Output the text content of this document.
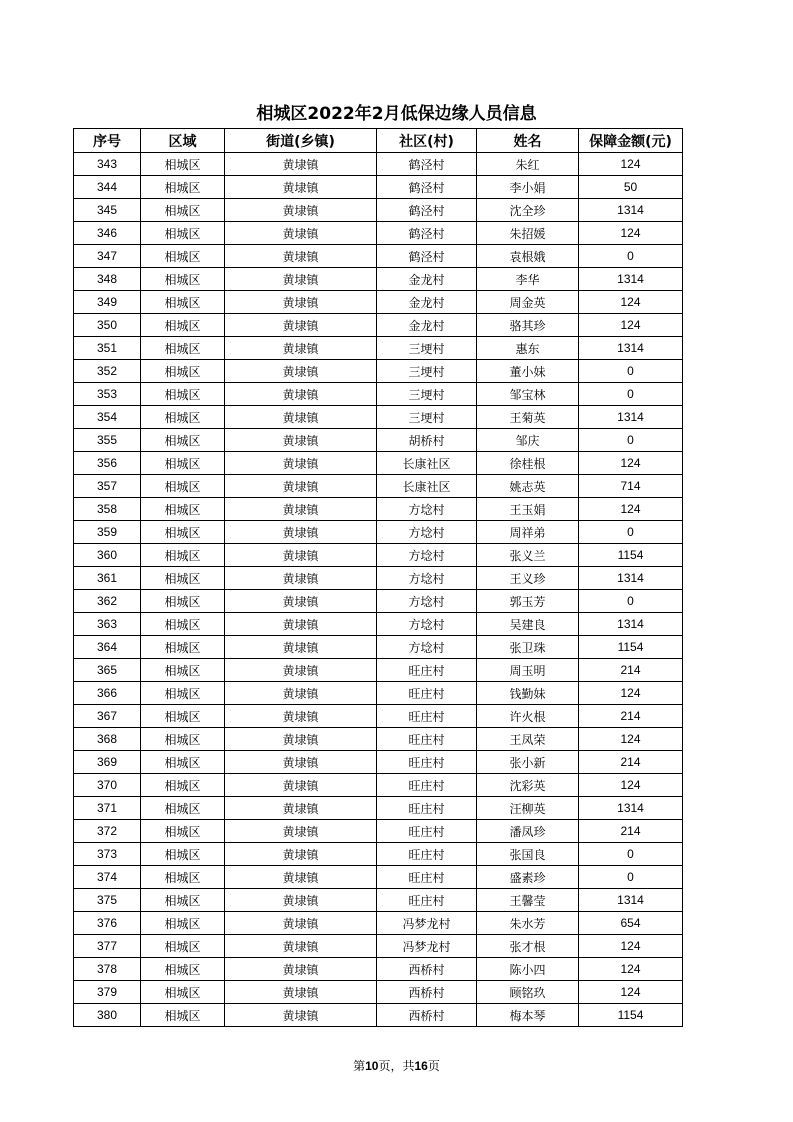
相城区2022年2月低保边缘人员信息
序号	区域	街道(乡镇)	社区(村)	姓名	保障金额(元)
343	相城区	黄埭镇	鹤泾村	朱红	124
344	相城区	黄埭镇	鹤泾村	李小娟	50
345	相城区	黄埭镇	鹤泾村	沈全珍	1314
346	相城区	黄埭镇	鹤泾村	朱招媛	124
347	相城区	黄埭镇	鹤泾村	袁根娥	0
348	相城区	黄埭镇	金龙村	李华	1314
349	相城区	黄埭镇	金龙村	周金英	124
350	相城区	黄埭镇	金龙村	骆其珍	124
351	相城区	黄埭镇	三埂村	惠东	1314
352	相城区	黄埭镇	三埂村	董小妹	0
353	相城区	黄埭镇	三埂村	邹宝林	0
354	相城区	黄埭镇	三埂村	王菊英	1314
355	相城区	黄埭镇	胡桥村	邹庆	0
356	相城区	黄埭镇	长康社区	徐桂根	124
357	相城区	黄埭镇	长康社区	姚志英	714
358	相城区	黄埭镇	方埝村	王玉娟	124
359	相城区	黄埭镇	方埝村	周祥弟	0
360	相城区	黄埭镇	方埝村	张义兰	1154
361	相城区	黄埭镇	方埝村	王义珍	1314
362	相城区	黄埭镇	方埝村	郭玉芳	0
363	相城区	黄埭镇	方埝村	吴建良	1314
364	相城区	黄埭镇	方埝村	张卫珠	1154
365	相城区	黄埭镇	旺庄村	周玉明	214
366	相城区	黄埭镇	旺庄村	钱勤妹	124
367	相城区	黄埭镇	旺庄村	许火根	214
368	相城区	黄埭镇	旺庄村	王凤荣	124
369	相城区	黄埭镇	旺庄村	张小新	214
370	相城区	黄埭镇	旺庄村	沈彩英	124
371	相城区	黄埭镇	旺庄村	汪柳英	1314
372	相城区	黄埭镇	旺庄村	潘凤珍	214
373	相城区	黄埭镇	旺庄村	张国良	0
374	相城区	黄埭镇	旺庄村	盛素珍	0
375	相城区	黄埭镇	旺庄村	王馨莹	1314
376	相城区	黄埭镇	冯梦龙村	朱水芳	654
377	相城区	黄埭镇	冯梦龙村	张才根	124
378	相城区	黄埭镇	西桥村	陈小四	124
379	相城区	黄埭镇	西桥村	顾铭玖	124
380	相城区	黄埭镇	西桥村	梅本琴	1154
第10页，共16页
